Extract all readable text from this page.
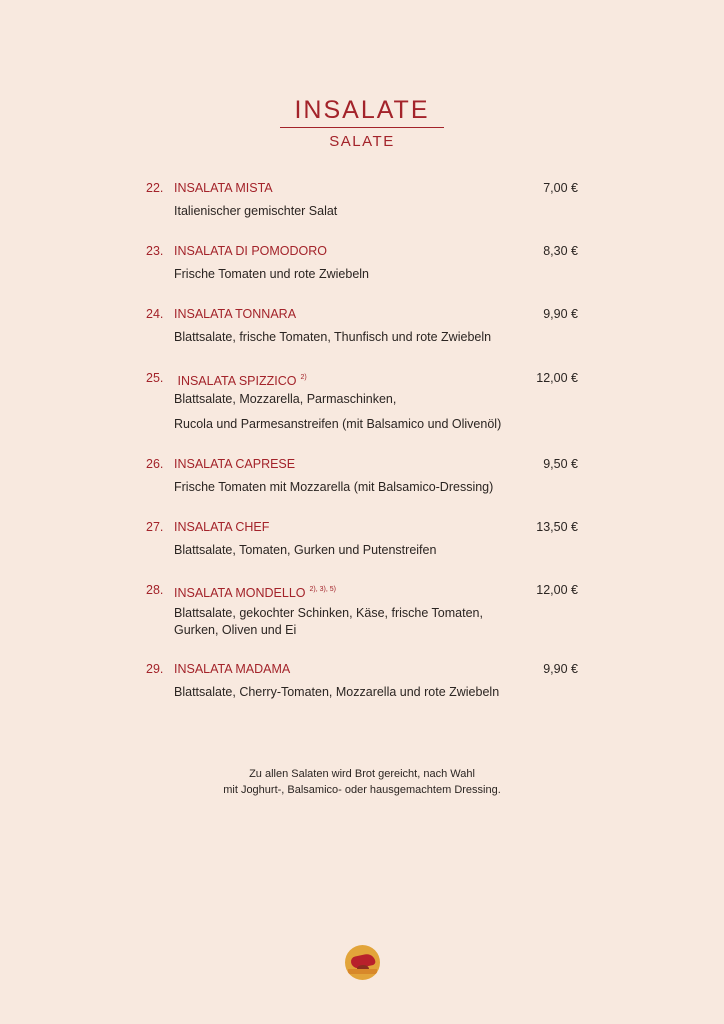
INSALATE
SALATE
22. INSALATA MISTA	7,00 €
Italienischer gemischter Salat
23. INSALATA DI POMODORO	8,30 €
Frische Tomaten und rote Zwiebeln
24. INSALATA TONNARA	9,90 €
Blattsalate, frische Tomaten, Thunfisch und rote Zwiebeln
25. INSALATA SPIZZICO $^{2)}$	12,00 €
Blattsalate, Mozzarella, Parmaschinken,
Rucola und Parmesanstreifen (mit Balsamico und Olivenöl)
26. INSALATA CAPRESE	9,50 €
Frische Tomaten mit Mozzarella (mit Balsamico-Dressing)
27. INSALATA CHEF	13,50 €
Blattsalate, Tomaten, Gurken und Putenstreifen
28. INSALATA MONDELLO $^{2), 3), 5)}$	12,00 €
Blattsalate, gekochter Schinken, Käse, frische Tomaten,
Gurken, Oliven und Ei
29. INSALATA MADAMA	9,90 €
Blattsalate, Cherry-Tomaten, Mozzarella und rote Zwiebeln
Zu allen Salaten wird Brot gereicht, nach Wahl
mit Joghurt-, Balsamico- oder hausgemachtem Dressing.
